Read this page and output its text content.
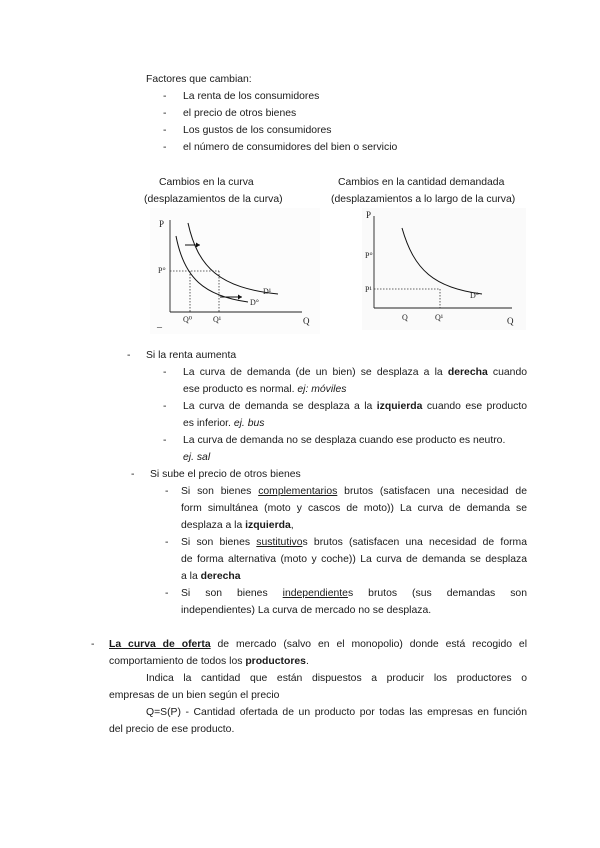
Factores que cambian:
- La renta de los consumidores
- el precio de otros bienes
- Los gustos de los consumidores
- el número de consumidores del bien o servicio
Cambios en la curva
(desplazamientos de la curva)
Cambios en la cantidad demandada
(desplazamientos a lo largo de la curva)
P
P°
Q⁰	Q¹	Q
D¹
D°
_
P
P°
P¹
Q	Q¹	Q
D°
- Si la renta aumenta
- La curva de demanda (de un bien) se desplaza a la derecha cuando
ese producto es normal. ej: móviles
- La curva de demanda se desplaza a la izquierda cuando ese producto
es inferior. ej. bus
- La curva de demanda no se desplaza cuando ese producto es neutro.
ej. sal
- Si sube el precio de otros bienes
- Si son bienes complementarios brutos (satisfacen una necesidad de
form simultánea (moto y cascos de moto)) La curva de demanda se
desplaza a la izquierda,
- Si son bienes sustitutivos brutos (satisfacen una necesidad de forma
de forma alternativa (moto y coche)) La curva de demanda se desplaza
a la derecha
- Si son bienes independientes brutos (sus demandas son
independientes) La curva de mercado no se desplaza.
- La curva de oferta de mercado (salvo en el monopolio) donde está recogido el
comportamiento de todos los productores.
Indica la cantidad que están dispuestos a producir los productores o
empresas de un bien según el precio
Q=S(P) - Cantidad ofertada de un producto por todas las empresas en función
del precio de ese producto.
